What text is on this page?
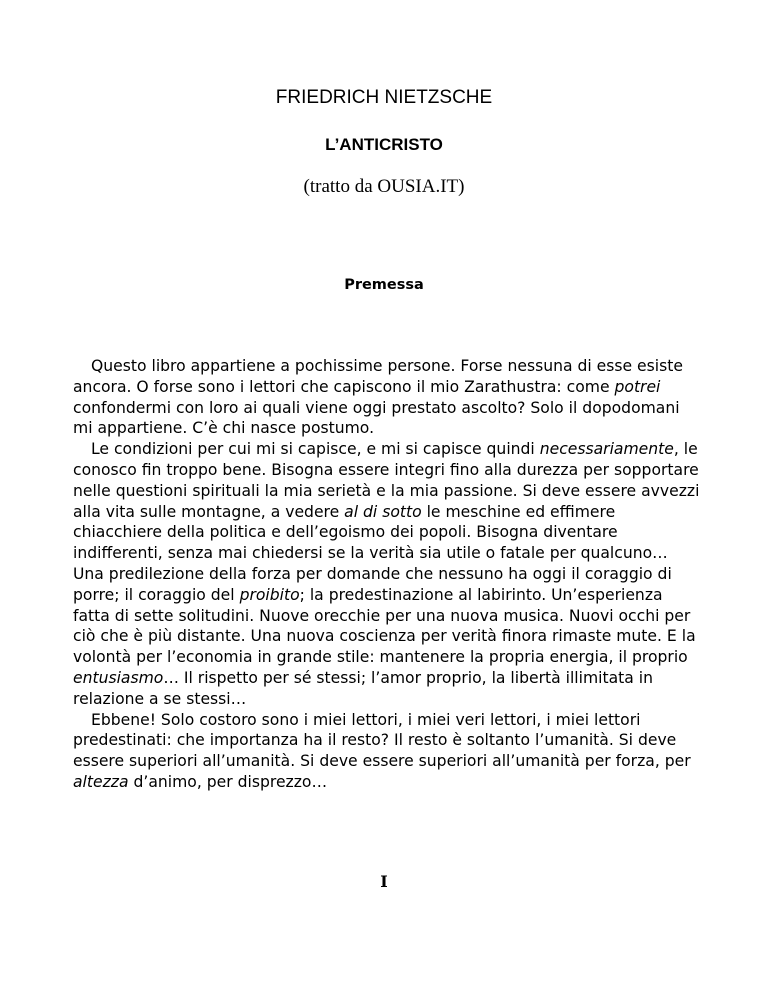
FRIEDRICH NIETZSCHE
L’ANTICRISTO
(tratto da OUSIA.IT)
Premessa

Questo libro appartiene a pochissime persone. Forse nessuna di esse esiste ancora. O forse sono i lettori che capiscono il mio Zarathustra: come potrei confondermi con loro ai quali viene oggi prestato ascolto? Solo il dopodomani mi appartiene. C’è chi nasce postumo.

Le condizioni per cui mi si capisce, e mi si capisce quindi necessariamente, le conosco fin troppo bene. Bisogna essere integri fino alla durezza per sopportare nelle questioni spirituali la mia serietà e la mia passione. Si deve essere avvezzi alla vita sulle montagne, a vedere al di sotto le meschine ed effimere chiacchiere della politica e dell’egoismo dei popoli. Bisogna diventare indifferenti, senza mai chiedersi se la verità sia utile o fatale per qualcuno… Una predilezione della forza per domande che nessuno ha oggi il coraggio di porre; il coraggio del proibito; la predestinazione al labirinto. Un’esperienza fatta di sette solitudini. Nuove orecchie per una nuova musica. Nuovi occhi per ciò che è più distante. Una nuova coscienza per verità finora rimaste mute. E la volontà per l’economia in grande stile: mantenere la propria energia, il proprio entusiasmo… Il rispetto per sé stessi; l’amor proprio, la libertà illimitata in relazione a se stessi…

Ebbene! Solo costoro sono i miei lettori, i miei veri lettori, i miei lettori predestinati: che importanza ha il resto? Il resto è soltanto l’umanità. Si deve essere superiori all’umanità. Si deve essere superiori all’umanità per forza, per altezza d’animo, per disprezzo…

I
